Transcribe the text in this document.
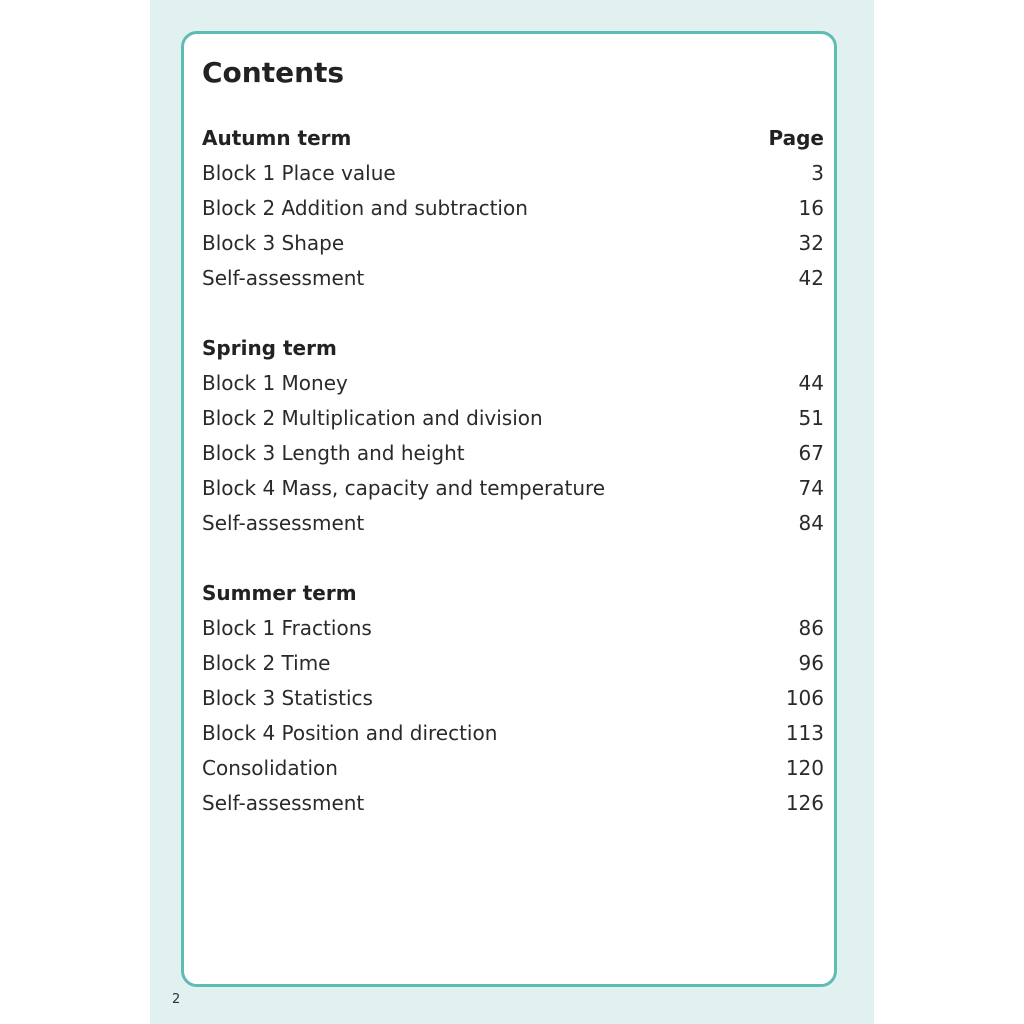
Contents
Autumn term	Page
Block 1 Place value	3
Block 2 Addition and subtraction	16
Block 3 Shape	32
Self-assessment	42
Spring term
Block 1 Money	44
Block 2 Multiplication and division	51
Block 3 Length and height	67
Block 4 Mass, capacity and temperature	74
Self-assessment	84
Summer term
Block 1 Fractions	86
Block 2 Time	96
Block 3 Statistics	106
Block 4 Position and direction	113
Consolidation	120
Self-assessment	126
2
